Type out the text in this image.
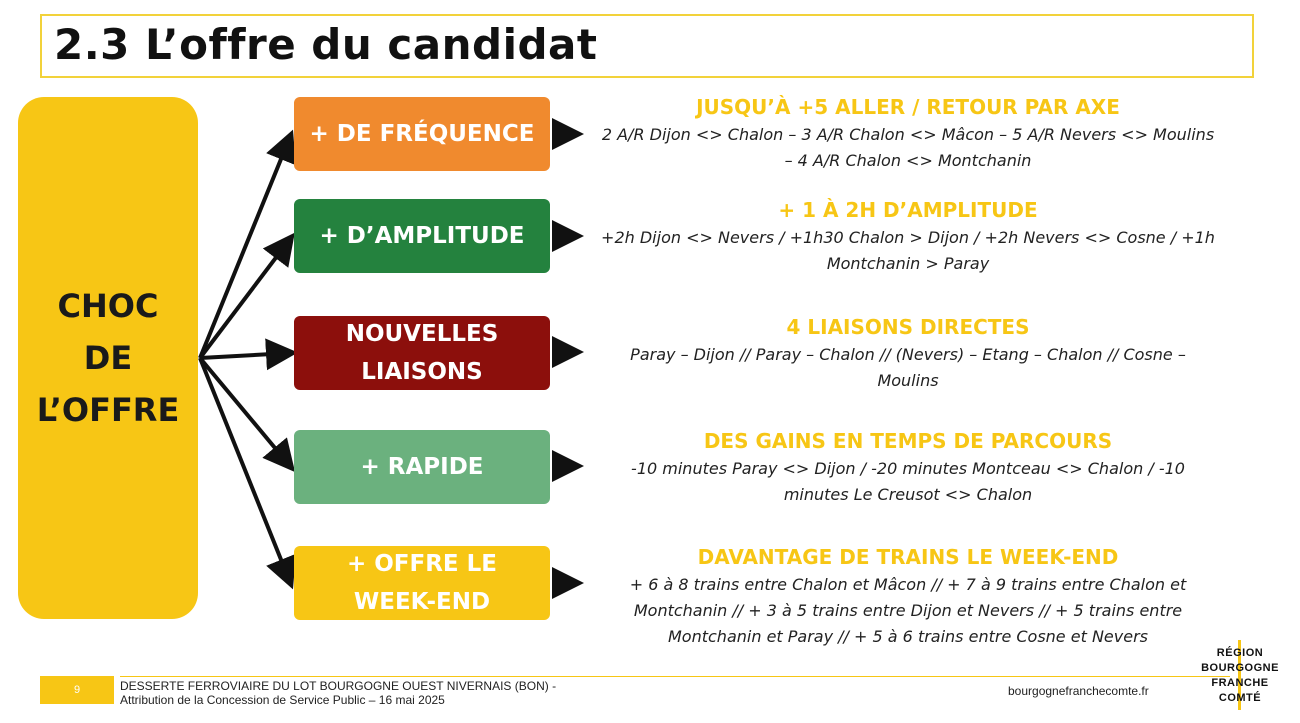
2.3 L’offre du candidat
CHOC
DE
L’OFFRE
+ DE FRÉQUENCE
+ D’AMPLITUDE
NOUVELLES
LIAISONS
+ RAPIDE
+ OFFRE LE
WEEK-END
JUSQU’À +5 ALLER / RETOUR PAR AXE
2 A/R Dijon <> Chalon – 3 A/R Chalon <> Mâcon – 5 A/R Nevers <> Moulins – 4 A/R Chalon <> Montchanin
+ 1 À 2H D’AMPLITUDE
+2h Dijon <> Nevers / +1h30 Chalon > Dijon / +2h Nevers <> Cosne / +1h Montchanin > Paray
4 LIAISONS DIRECTES
Paray – Dijon // Paray – Chalon // (Nevers) – Etang – Chalon // Cosne – Moulins
DES GAINS EN TEMPS DE PARCOURS
-10 minutes Paray <> Dijon / -20 minutes Montceau <> Chalon / -10 minutes Le Creusot <> Chalon
DAVANTAGE DE TRAINS LE WEEK-END
+ 6 à 8 trains entre Chalon et Mâcon // + 7 à 9 trains entre Chalon et Montchanin // + 3 à 5 trains entre Dijon et Nevers // + 5 trains entre Montchanin et Paray // + 5 à 6 trains entre Cosne et Nevers
9	DESSERTE FERROVIAIRE DU LOT BOURGOGNE OUEST NIVERNAIS (BON) -
Attribution de la Concession de Service Public – 16 mai 2025
bourgognefranchecomte.fr
RÉGION
BOURGOGNE
FRANCHE
COMTÉ
